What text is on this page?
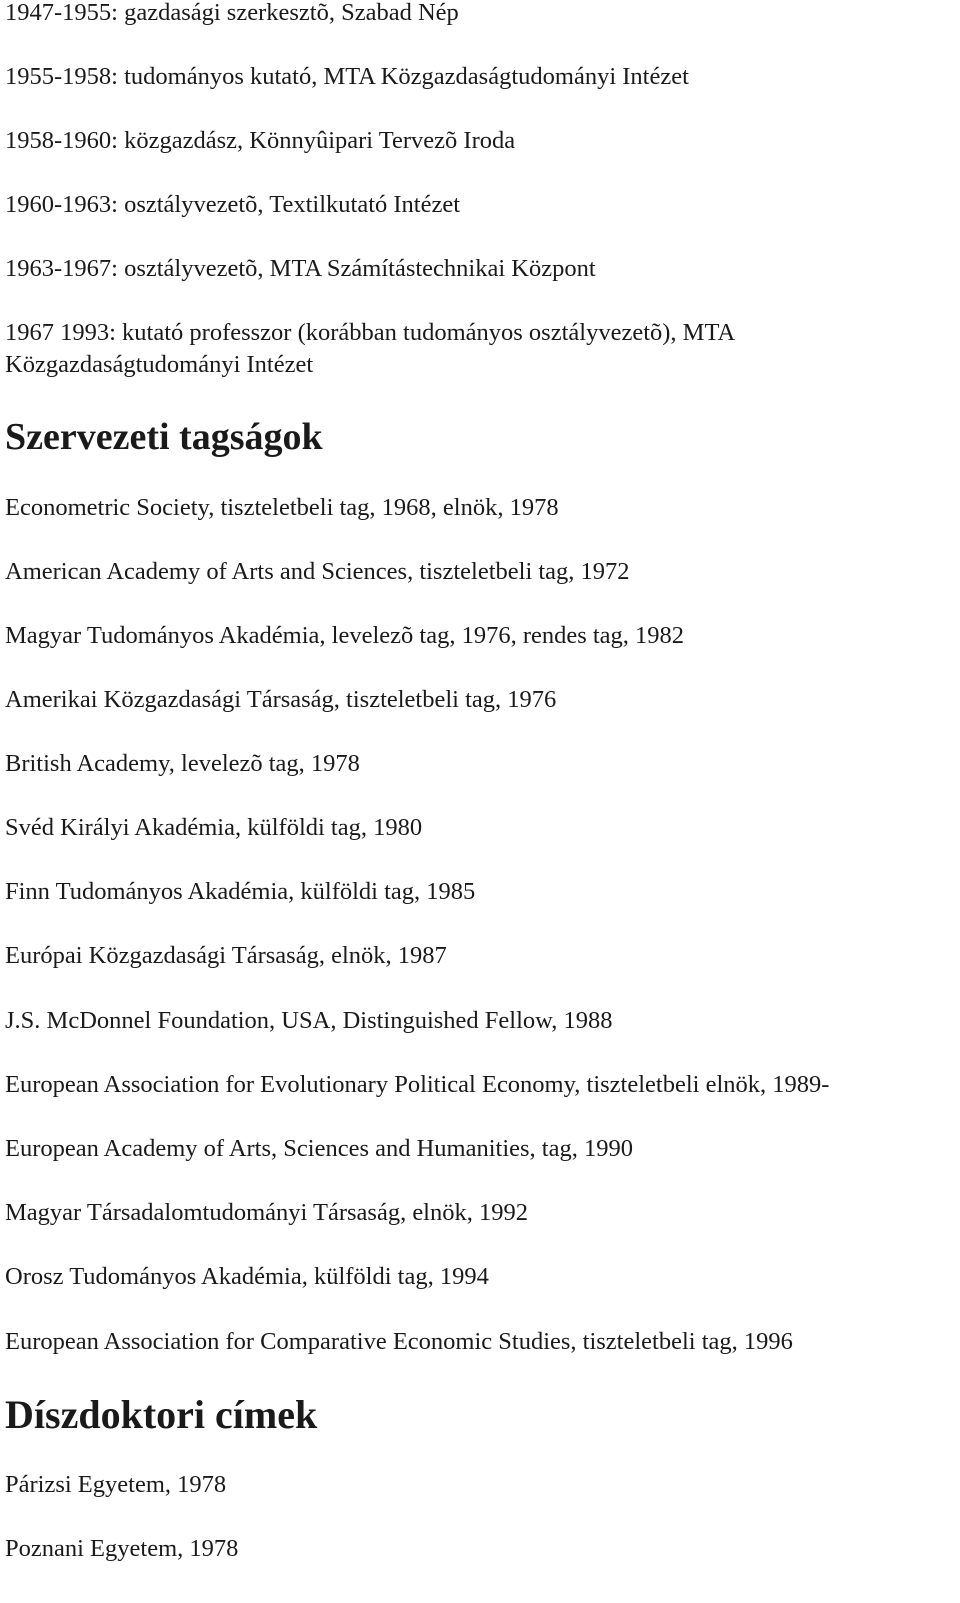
1947-1955: gazdasági szerkesztõ, Szabad Nép
1955-1958: tudományos kutató, MTA Közgazdaságtudományi Intézet
1958-1960: közgazdász, Könnyûipari Tervezõ Iroda
1960-1963: osztályvezetõ, Textilkutató Intézet
1963-1967: osztályvezetõ, MTA Számítástechnikai Központ
1967 1993: kutató professzor (korábban tudományos osztályvezetõ), MTA
Közgazdaságtudományi Intézet
Szervezeti tagságok
Econometric Society, tiszteletbeli tag, 1968, elnök, 1978
American Academy of Arts and Sciences, tiszteletbeli tag, 1972
Magyar Tudományos Akadémia, levelezõ tag, 1976, rendes tag, 1982
Amerikai Közgazdasági Társaság, tiszteletbeli tag, 1976
British Academy, levelezõ tag, 1978
Svéd Királyi Akadémia, külföldi tag, 1980
Finn Tudományos Akadémia, külföldi tag, 1985
Európai Közgazdasági Társaság, elnök, 1987
J.S. McDonnel Foundation, USA, Distinguished Fellow, 1988
European Association for Evolutionary Political Economy, tiszteletbeli elnök, 1989-
European Academy of Arts, Sciences and Humanities, tag, 1990
Magyar Társadalomtudományi Társaság, elnök, 1992
Orosz Tudományos Akadémia, külföldi tag, 1994
European Association for Comparative Economic Studies, tiszteletbeli tag, 1996
Díszdoktori címek
Párizsi Egyetem, 1978
Poznani Egyetem, 1978
